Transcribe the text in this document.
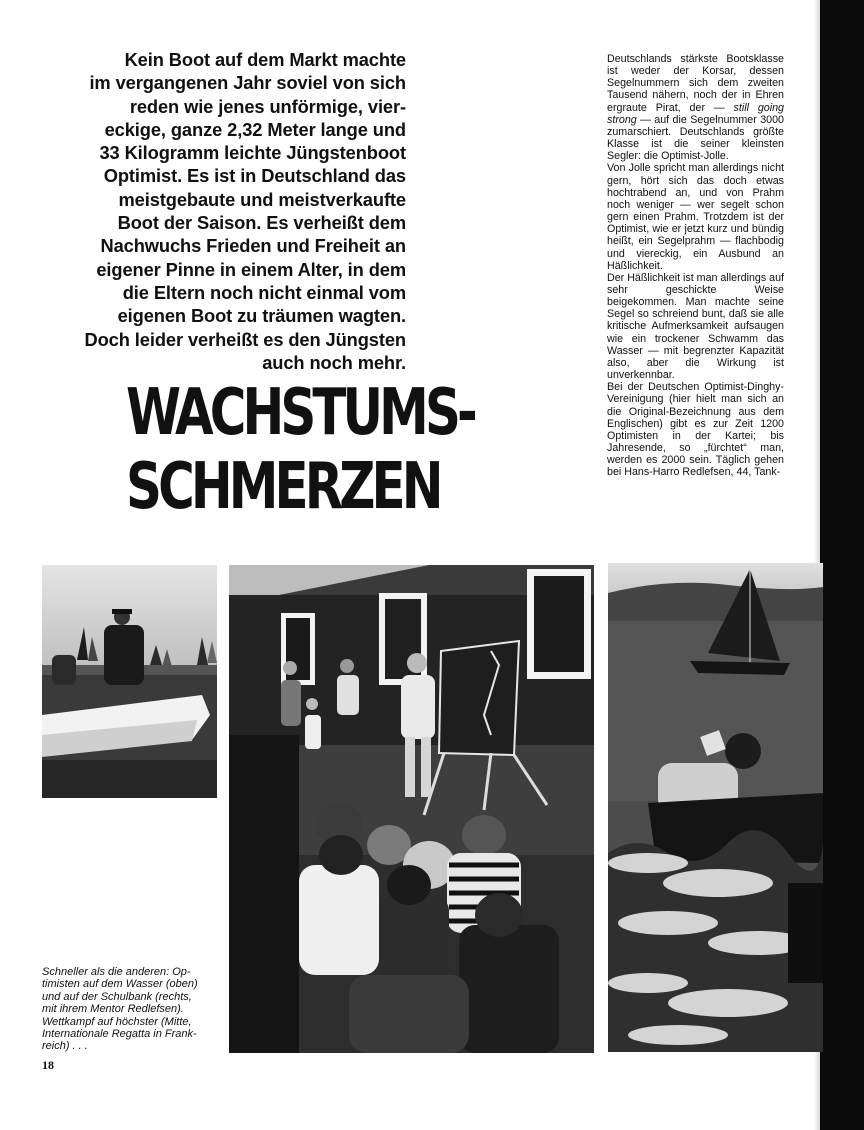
Kein Boot auf dem Markt machte
im vergangenen Jahr soviel von sich
reden wie jenes unförmige, vier-
eckige, ganze 2,32 Meter lange und
33 Kilogramm leichte Jüngstenboot
Optimist. Es ist in Deutschland das
meistgebaute und meistverkaufte
Boot der Saison. Es verheißt dem
Nachwuchs Frieden und Freiheit an
eigener Pinne in einem Alter, in dem
die Eltern noch nicht einmal vom
eigenen Boot zu träumen wagten.
Doch leider verheißt es den Jüngsten
auch noch mehr.

WACHSTUMS-
SCHMERZEN

Deutschlands stärkste Bootsklasse ist weder der Korsar, dessen Segelnummern sich dem zweiten Tausend nähern, noch der in Ehren ergraute Pirat, der — still going strong — auf die Segelnummer 3000 zumarschiert. Deutschlands größte Klasse ist die seiner kleinsten Segler: die Optimist-Jolle.

Von Jolle spricht man allerdings nicht gern, hört sich das doch etwas hochtrabend an, und von Prahm noch weniger — wer segelt schon gern einen Prahm. Trotzdem ist der Optimist, wie er jetzt kurz und bündig heißt, ein Segelprahm — flachbodig und viereckig, ein Ausbund an Häßlichkeit.

Der Häßlichkeit ist man allerdings auf sehr geschickte Weise beigekommen. Man machte seine Segel so schreiend bunt, daß sie alle kritische Aufmerksamkeit aufsaugen wie ein trockener Schwamm das Wasser — mit begrenzter Kapazität also, aber die Wirkung ist unverkennbar.

Bei der Deutschen Optimist-Dinghy-Vereinigung (hier hielt man sich an die Original-Bezeichnung aus dem Englischen) gibt es zur Zeit 1200 Optimisten in der Kartei; bis Jahresende, so „fürchtet“ man, werden es 2000 sein. Täglich gehen bei Hans-Harro Redlefsen, 44, Tank-

Schneller als die anderen: Op-
timisten auf dem Wasser (oben)
und auf der Schulbank (rechts,
mit ihrem Mentor Redlefsen).
Wettkampf auf höchster (Mitte,
Internationale Regatta in Frank-
reich) . . .

18
